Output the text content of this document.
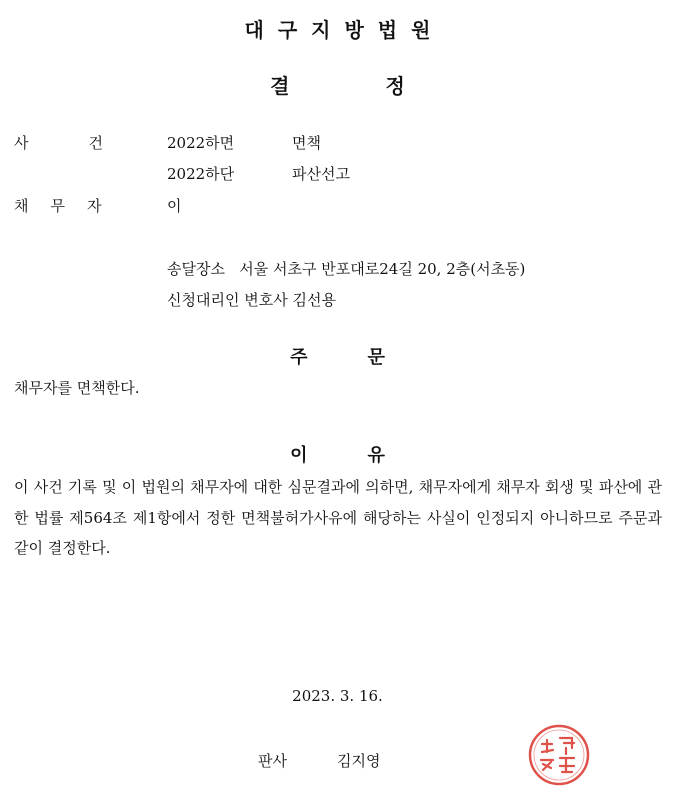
대구지방법원
결정
사건 2022하면	면책
2022하단	파산선고
채무자	이
송달장소 서울 서초구 반포대로24길 20, 2층(서초동)
신청대리인 변호사 김선용
주문
채무자를 면책한다.
이유
이 사건 기록 및 이 법원의 채무자에 대한 심문결과에 의하면, 채무자에게 채무자 회생 및 파산에 관한 법률 제564조 제1항에서 정한 면책불허가사유에 해당하는 사실이 인정되지 아니하므로 주문과 같이 결정한다.
2023. 3. 16.
판사	김지영
